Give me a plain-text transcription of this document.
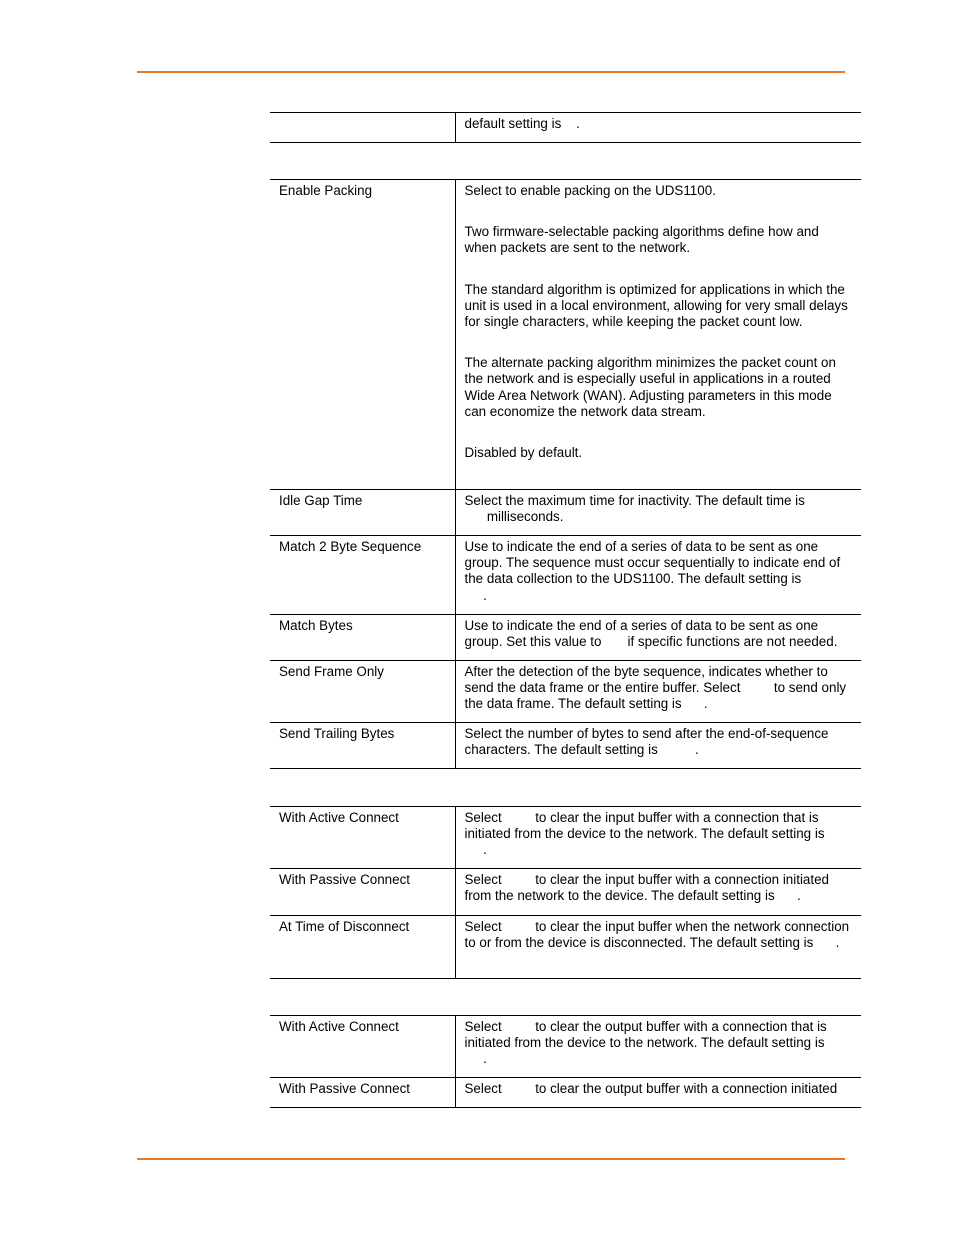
default setting is    .

Enable Packing	Select to enable packing on the UDS1100.

Two firmware-selectable packing algorithms define how and when packets are sent to the network.

The standard algorithm is optimized for applications in which the unit is used in a local environment, allowing for very small delays for single characters, while keeping the packet count low.

The alternate packing algorithm minimizes the packet count on the network and is especially useful in applications in a routed Wide Area Network (WAN). Adjusting parameters in this mode can economize the network data stream.

Disabled by default.

Idle Gap Time	Select the maximum time for inactivity. The default time is
milliseconds.

Match 2 Byte Sequence	Use to indicate the end of a series of data to be sent as one group. The sequence must occur sequentially to indicate end of the data collection to the UDS1100. The default setting is
.

Match Bytes	Use to indicate the end of a series of data to be sent as one group. Set this value to       if specific functions are not needed.

Send Frame Only	After the detection of the byte sequence, indicates whether to send the data frame or the entire buffer. Select         to send only the data frame. The default setting is      .

Send Trailing Bytes	Select the number of bytes to send after the end-of-sequence characters. The default setting is          .

With Active Connect	Select         to clear the input buffer with a connection that is initiated from the device to the network. The default setting is
.

With Passive Connect	Select         to clear the input buffer with a connection initiated from the network to the device. The default setting is      .

At Time of Disconnect	Select         to clear the input buffer when the network connection to or from the device is disconnected. The default setting is      .

With Active Connect	Select         to clear the output buffer with a connection that is initiated from the device to the network. The default setting is
.

With Passive Connect	Select         to clear the output buffer with a connection initiated
